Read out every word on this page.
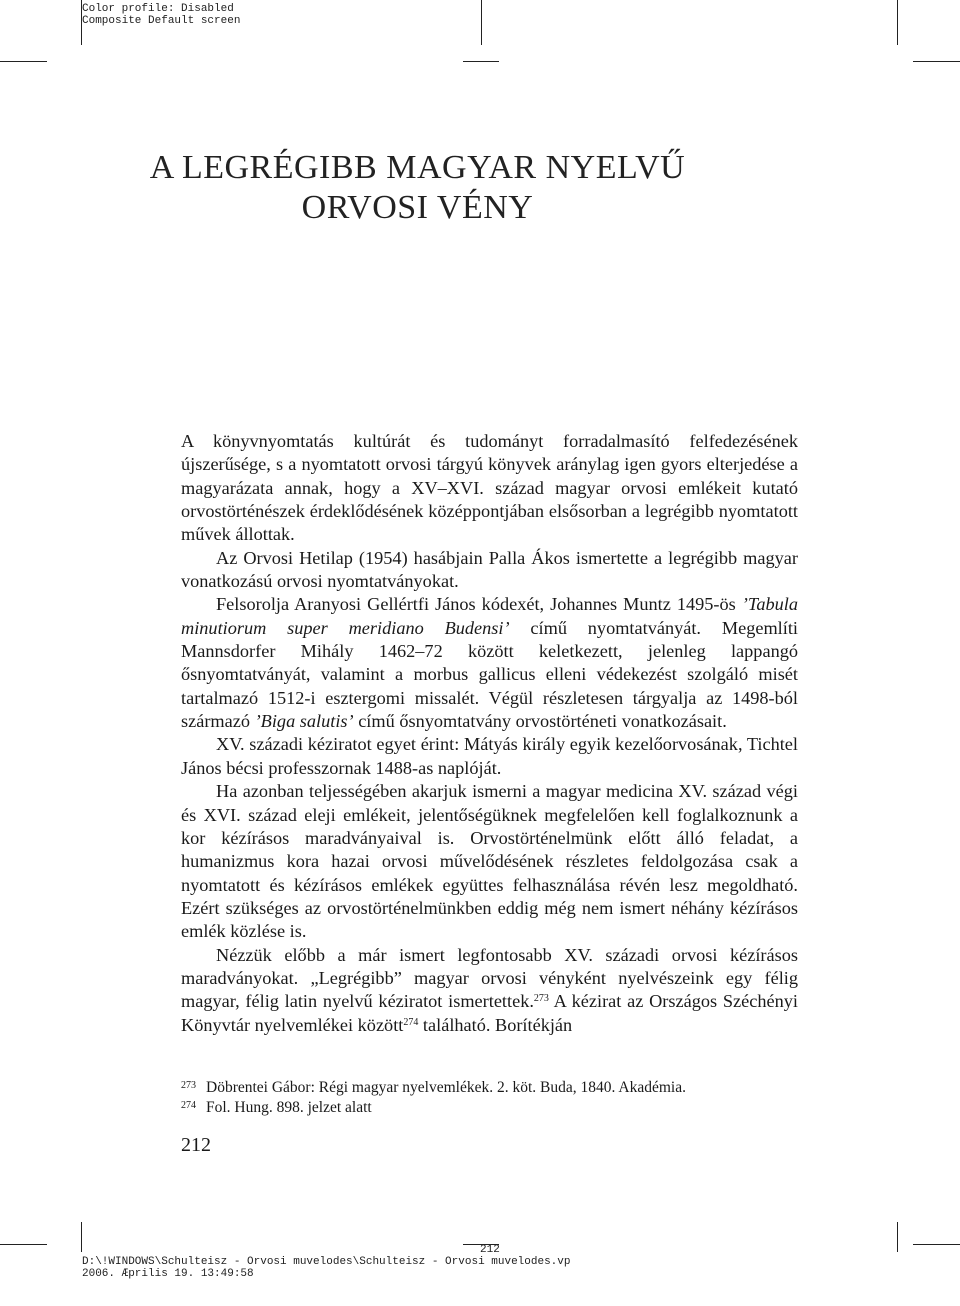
Color profile: Disabled
Composite Default screen
A LEGRÉGIBB MAGYAR NYELVŰ
ORVOSI VÉNY

A könyvnyomtatás kultúrát és tudományt forradalmasító felfedezésének újszerűsége, s a nyomtatott orvosi tárgyú könyvek aránylag igen gyors elterjedése a magyarázata annak, hogy a XV–XVI. század magyar orvosi emlékeit kutató orvostörténészek érdeklődésének középpontjában elsősorban a legrégibb nyomtatott művek állottak.

Az Orvosi Hetilap (1954) hasábjain Palla Ákos ismertette a legrégibb magyar vonatkozású orvosi nyomtatványokat.

Felsorolja Aranyosi Gellértfi János kódexét, Johannes Muntz 1495-ös ’Tabula minutiorum super meridiano Budensi’ című nyomtatványát. Megemlíti Mannsdorfer Mihály 1462–72 között keletkezett, jelenleg lappangó ősnyomtatványát, valamint a morbus gallicus elleni védekezést szolgáló misét tartalmazó 1512-i esztergomi missalét. Végül részletesen tárgyalja az 1498-ból származó ’Biga salutis’ című ősnyomtatvány orvostörténeti vonatkozásait.

XV. századi kéziratot egyet érint: Mátyás király egyik kezelőorvosának, Tichtel János bécsi professzornak 1488-as naplóját.

Ha azonban teljességében akarjuk ismerni a magyar medicina XV. század végi és XVI. század eleji emlékeit, jelentőségüknek megfelelően kell foglalkoznunk a kor kézírásos maradványaival is. Orvostörténelmünk előtt álló feladat, a humanizmus kora hazai orvosi művelődésének részletes feldolgozása csak a nyomtatott és kézírásos emlékek együttes felhasználása révén lesz megoldható. Ezért szükséges az orvostörténelmünkben eddig még nem ismert néhány kézírásos emlék közlése is.

Nézzük előbb a már ismert legfontosabb XV. századi orvosi kézírásos maradványokat. „Legrégibb” magyar orvosi vényként nyelvészeink egy félig magyar, félig latin nyelvű kéziratot ismertettek.$^{273}$ A kézirat az Országos Széchényi Könyvtár nyelvemlékei között$^{274}$ található. Borítékján

273 Döbrentei Gábor: Régi magyar nyelvemlékek. 2. köt. Buda, 1840. Akadémia.
274 Fol. Hung. 898. jelzet alatt
212
212
D:\!WINDOWS\Schulteisz - Orvosi muvelodes\Schulteisz - Orvosi muvelodes.vp
2006. Æprilis 19. 13:49:58
